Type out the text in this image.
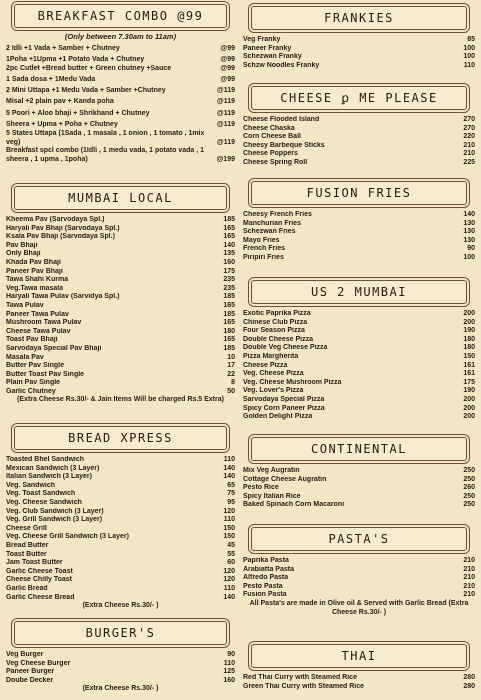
BREAKFAST COMBO @99
(Only between 7.30am to 11am)
2 Idli +1 Vada + Samber + Chutney	@99
1Poha +1Upma +1 Potato Vada + Chutney	@99
2pc Cutlet +Bread butter + Green chutney +Sauce	@99
1 Sada dosa + 1Medu Vada	@99
2 Mini Uttapa +1 Medu Vada + Samber +Chutney	@119
Misal +2 plain pav + Kanda poha	@119
5 Poori + Aloo bhaji + Shrikhand + Chutney	@119
Sheera + Upma + Poha + Chutney	@119
5 States Uttapa (1Sada , 1 masala , 1 onion , 1 tomato , 1mix veg)	@119
Breakfast spcl combo (1Idli , 1 medu vada, 1 potato vada , 1 sheera , 1 upma , 1poha)	@199
MUMBAI LOCAL
Kheema Pav (Sarvodaya Spl.)	185
Haryali Pav Bhaji (Sarvodaya Spl.)	165
Ksala Pav Bhaji (Sarvodaya Spl.)	165
Pav Bhaji	140
Only Bhaji	135
Khada Pav Bhaji	160
Paneer Pav Bhaji	175
Tawa Shahi Kurma	235
Veg.Tawa masala	235
Haryali Tawa Pulav (Sarvidya Spl.)	185
Tawa Pulav	165
Paneer Tawa Pulav	185
Mushroom Tawa Pulav	165
Cheese Tawa Pulav	180
Toast Pav Bhaji	165
Sarvodaya Special Pav Bhaji	185
Masala Pav	10
Butter Pav Single	17
Butter Toast Pav Single	22
Plain Pav Single	8
Garlic Chutney	50
(Extra Cheese Rs.30/- & Jain Items Will be charged Rs.5 Extra)
BREAD XPRESS
Toasted Bhel Sandwich	110
Mexican Sandwich (3 Layer)	140
Italian Sandwich (3 Layer)	140
Veg. Sandwich	65
Veg. Toast Sandwich	75
Veg. Cheese Sandwich	95
Veg. Club Sandwich (3 Layer)	120
Veg. Grill Sandwich (3 Layer)	110
Cheese Grill	150
Veg. Cheese Grill Sandwich (3 Layer)	150
Bread Butter	45
Toast Butter	55
Jam Toast Butter	60
Garlic Cheese Toast	120
Cheese Chilly Toast	120
Garlic Bread	110
Garlic Cheese Bread	140
(Extra Cheese Rs.30/- )
BURGER'S
Veg Burger	90
Veg Cheese Burger	110
Paneer Burger	125
Doube Decker	160
(Extra Cheese Rs.30/- )
FRANKIES
Veg Franky	85
Paneer Franky	100
Schezwan Franky	100
Schzw Noodles Franky	110
CHEESE ꝑ ME PLEASE
Cheese Flooded Island	270
Cheese Chaska	270
Corn Cheese Ball	220
Cheesy Barbeque Sticks	210
Cheese Poppers	210
Cheese Spring Roll	225
FUSION FRIES
Cheesy French Fries	140
Manchurian Fries	130
Schezwan Fries	130
Mayo Fries	130
French Fries	90
Piripiri Fries	100
US 2 MUMBAI
Exotic Paprika Pizza	200
Chinese Club Pizza	200
Four Season Pizza	190
Double Cheese Pizza	180
Double Veg Cheese Pizza	180
Pizza Margherita	150
Cheese Pizza	161
Veg. Cheese Pizza	161
Veg. Cheese Mushroom Pizza	175
Veg. Lover's Pizza	190
Sarvodaya Special Pizza	200
Spicy Corn Paneer Pizza	200
Golden Delight Pizza	200
CONTINENTAL
Mix Veg Augratin	250
Cottage Cheese Augratin	250
Pesto Rice	260
Spicy Italian Rice	250
Baked Spinach Corn Macaroni	250
PASTA'S
Paprika Pasta	210
Arabiatta Pasta	210
Alfredo Pasta	210
Pesto Pasta	210
Fusion Pasta	210
All Pasta's are made in Olive oil & Served with Garlic Bread (Extra Cheese Rs.30/- )
THAI
Red Thai Curry with Steamed Rice	280
Green Thai Curry with Steamed Rice	280
